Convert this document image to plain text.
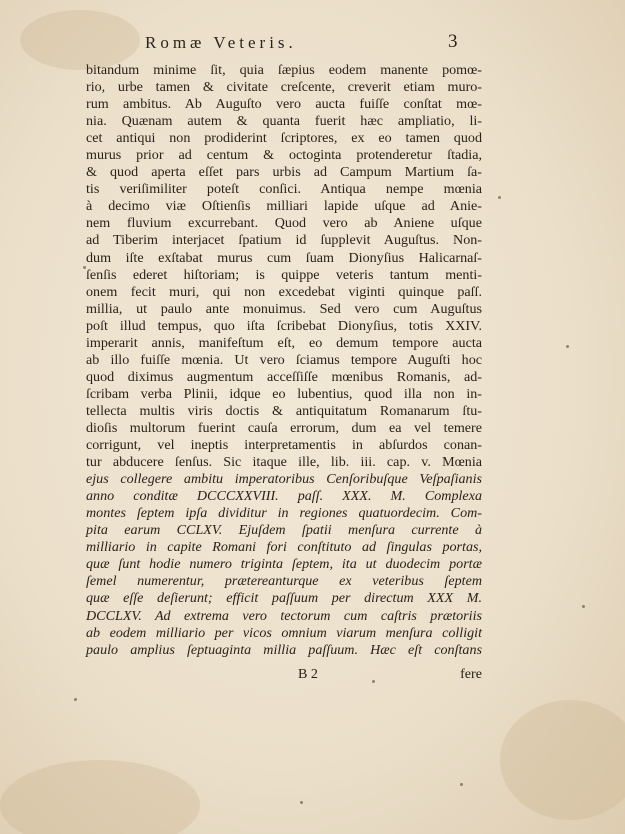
Romæ Veteris.	3
bitandum minime ſit, quia ſæpius eodem manente pomœ-
rio, urbe tamen & civitate creſcente, creverit etiam muro-
rum ambitus. Ab Auguſto vero aucta fuiſſe conſtat mœ-
nia. Quænam autem & quanta fuerit hæc ampliatio, li-
cet antiqui non prodiderint ſcriptores, ex eo tamen quod
murus prior ad centum & octoginta protenderetur ſtadia,
& quod aperta eſſet pars urbis ad Campum Martium ſa-
tis veriſimiliter poteſt conſici. Antiqua nempe mœnia
à decimo viæ Oſtienſis milliari lapide uſque ad Anie-
nem fluvium excurrebant. Quod vero ab Aniene uſque
ad Tiberim interjacet ſpatium id ſupplevit Auguſtus. Non-
dum iſte exſtabat murus cum ſuam Dionyſius Halicarnaſ-
ſenſis ederet hiſtoriam; is quippe veteris tantum menti-
onem fecit muri, qui non excedebat viginti quinque paſſ.
millia, ut paulo ante monuimus. Sed vero cum Auguſtus
poſt illud tempus, quo iſta ſcribebat Dionyſius, totis XXIV.
imperarit annis, manifeſtum eſt, eo demum tempore aucta
ab illo fuiſſe mœnia. Ut vero ſciamus tempore Auguſti hoc
quod diximus augmentum acceſſiſſe mœnibus Romanis, ad-
ſcribam verba Plinii, idque eo lubentius, quod illa non in-
tellecta multis viris doctis & antiquitatum Romanarum ſtu-
dioſis multorum fuerint cauſa errorum, dum ea vel temere
corrigunt, vel ineptis interpretamentis in abſurdos conan-
tur abducere ſenſus. Sic itaque ille, lib. iii. cap. v. Mœnia
ejus collegere ambitu imperatoribus Cenſoribuſque Veſpaſianis
anno conditæ DCCCXXVIII. paſſ. XXX. M. Complexa
montes ſeptem ipſa dividitur in regiones quatuordecim. Com-
pita earum CCLXV. Ejuſdem ſpatii menſura currente à
milliario in capite Romani fori conſtituto ad ſingulas portas,
quæ ſunt hodie numero triginta ſeptem, ita ut duodecim portæ
ſemel numerentur, prætereanturque ex veteribus ſeptem
quæ eſſe deſierunt; efficit paſſuum per directum XXX M.
DCCLXV. Ad extrema vero tectorum cum caſtris prætoriis
ab eodem milliario per vicos omnium viarum menſura colligit
paulo amplius ſeptuaginta millia paſſuum. Hæc eſt conſtans
B 2	fere
